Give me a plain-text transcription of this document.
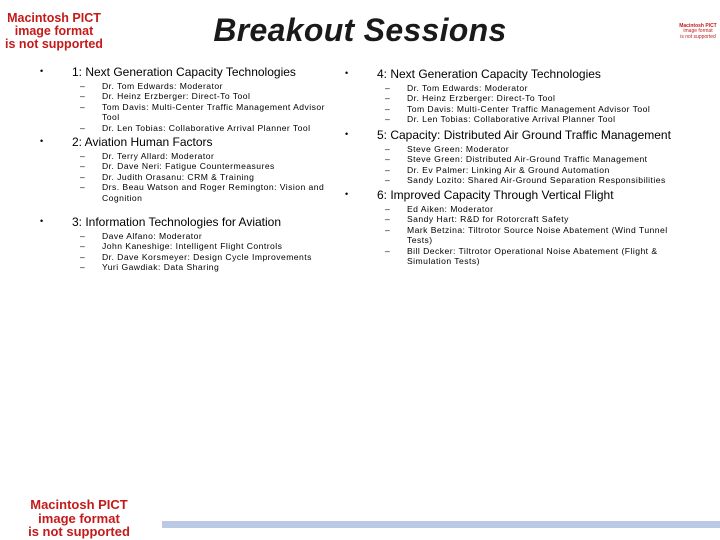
Macintosh PICT
image format
is not supported
Macintosh PICT
image format
is not supported
Breakout Sessions
• 1: Next Generation Capacity Technologies
– Dr. Tom Edwards: Moderator
– Dr. Heinz Erzberger: Direct-To Tool
– Tom Davis: Multi-Center Traffic Management Advisor Tool
– Dr. Len Tobias: Collaborative Arrival Planner Tool
• 2: Aviation Human Factors
– Dr. Terry Allard: Moderator
– Dr. Dave Neri: Fatigue Countermeasures
– Dr. Judith Orasanu: CRM & Training
– Drs. Beau Watson and Roger Remington: Vision and Cognition
• 3: Information Technologies for Aviation
– Dave Alfano: Moderator
– John Kaneshige: Intelligent Flight Controls
– Dr. Dave Korsmeyer: Design Cycle Improvements
– Yuri Gawdiak: Data Sharing
• 4: Next Generation Capacity Technologies
– Dr. Tom Edwards: Moderator
– Dr. Heinz Erzberger: Direct-To Tool
– Tom Davis: Multi-Center Traffic Management Advisor Tool
– Dr. Len Tobias: Collaborative Arrival Planner Tool
• 5: Capacity: Distributed Air Ground Traffic Management
– Steve Green: Moderator
– Steve Green: Distributed Air-Ground Traffic Management
– Dr. Ev Palmer: Linking Air & Ground Automation
– Sandy Lozito: Shared Air-Ground Separation Responsibilities
• 6: Improved Capacity Through Vertical Flight
– Ed Aiken: Moderator
– Sandy Hart: R&D for Rotorcraft Safety
– Mark Betzina: Tiltrotor Source Noise Abatement (Wind Tunnel Tests)
– Bill Decker: Tiltrotor Operational Noise Abatement (Flight & Simulation Tests)
Macintosh PICT
image format
is not supported
